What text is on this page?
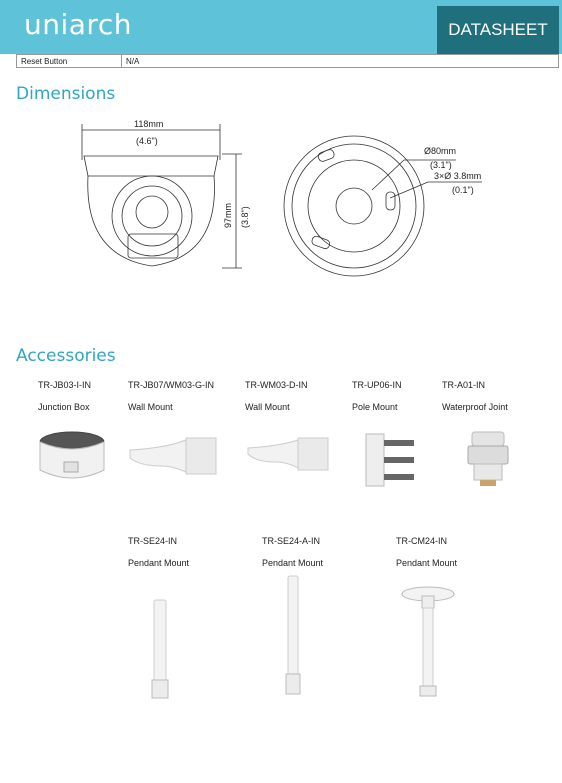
uniarch	DATASHEET
Reset Button	N/A
Dimensions
118mm
(4.6")
97mm (3.8")
Ø80mm
(3.1")
3×Ø 3.8mm
(0.1")
Accessories
TR-JB03-I-IN
Junction Box
TR-JB07/WM03-G-IN
Wall Mount
TR-WM03-D-IN
Wall Mount
TR-UP06-IN
Pole Mount
TR-A01-IN
Waterproof Joint
TR-SE24-IN
Pendant Mount
TR-SE24-A-IN
Pendant Mount
TR-CM24-IN
Pendant Mount
